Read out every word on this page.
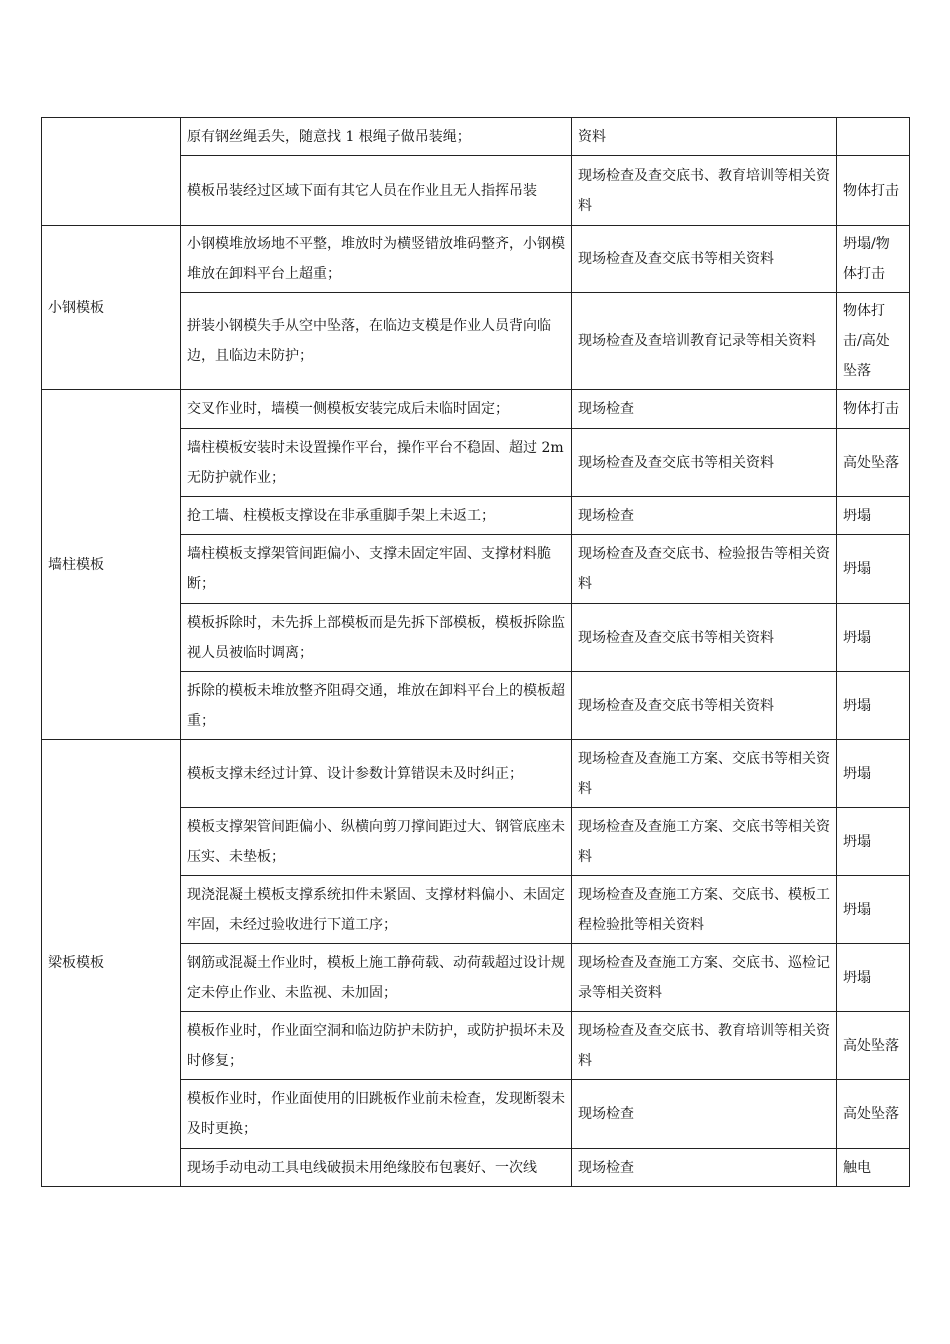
	原有钢丝绳丢失，随意找 1 根绳子做吊装绳；	资料	
	模板吊装经过区域下面有其它人员在作业且无人指挥吊装	现场检查及查交底书、教育培训等相关资料	物体打击
小钢模板	小钢模堆放场地不平整，堆放时为横竖错放堆码整齐，小钢模堆放在卸料平台上超重；	现场检查及查交底书等相关资料	坍塌/物体打击
	拼装小钢模失手从空中坠落，在临边支模是作业人员背向临边，且临边未防护；	现场检查及查培训教育记录等相关资料	物体打击/高处坠落
墙柱模板	交叉作业时，墙模一侧模板安装完成后未临时固定；	现场检查	物体打击
	墙柱模板安装时未设置操作平台，操作平台不稳固、超过 2m 无防护就作业；	现场检查及查交底书等相关资料	高处坠落
	抢工墙、柱模板支撑设在非承重脚手架上未返工；	现场检查	坍塌
	墙柱模板支撑架管间距偏小、支撑未固定牢固、支撑材料脆断；	现场检查及查交底书、检验报告等相关资料	坍塌
	模板拆除时，未先拆上部模板而是先拆下部模板，模板拆除监视人员被临时调离；	现场检查及查交底书等相关资料	坍塌
	拆除的模板未堆放整齐阻碍交通，堆放在卸料平台上的模板超重；	现场检查及查交底书等相关资料	坍塌
梁板模板	模板支撑未经过计算、设计参数计算错误未及时纠正；	现场检查及查施工方案、交底书等相关资料	坍塌
	模板支撑架管间距偏小、纵横向剪刀撑间距过大、钢管底座未压实、未垫板；	现场检查及查施工方案、交底书等相关资料	坍塌
	现浇混凝土模板支撑系统扣件未紧固、支撑材料偏小、未固定牢固，未经过验收进行下道工序；	现场检查及查施工方案、交底书、模板工程检验批等相关资料	坍塌
	钢筋或混凝土作业时，模板上施工静荷载、动荷载超过设计规定未停止作业、未监视、未加固；	现场检查及查施工方案、交底书、巡检记录等相关资料	坍塌
	模板作业时，作业面空洞和临边防护未防护，或防护损坏未及时修复；	现场检查及查交底书、教育培训等相关资料	高处坠落
	模板作业时，作业面使用的旧跳板作业前未检查，发现断裂未及时更换；	现场检查	高处坠落
	现场手动电动工具电线破损未用绝缘胶布包裹好、一次线	现场检查	触电
